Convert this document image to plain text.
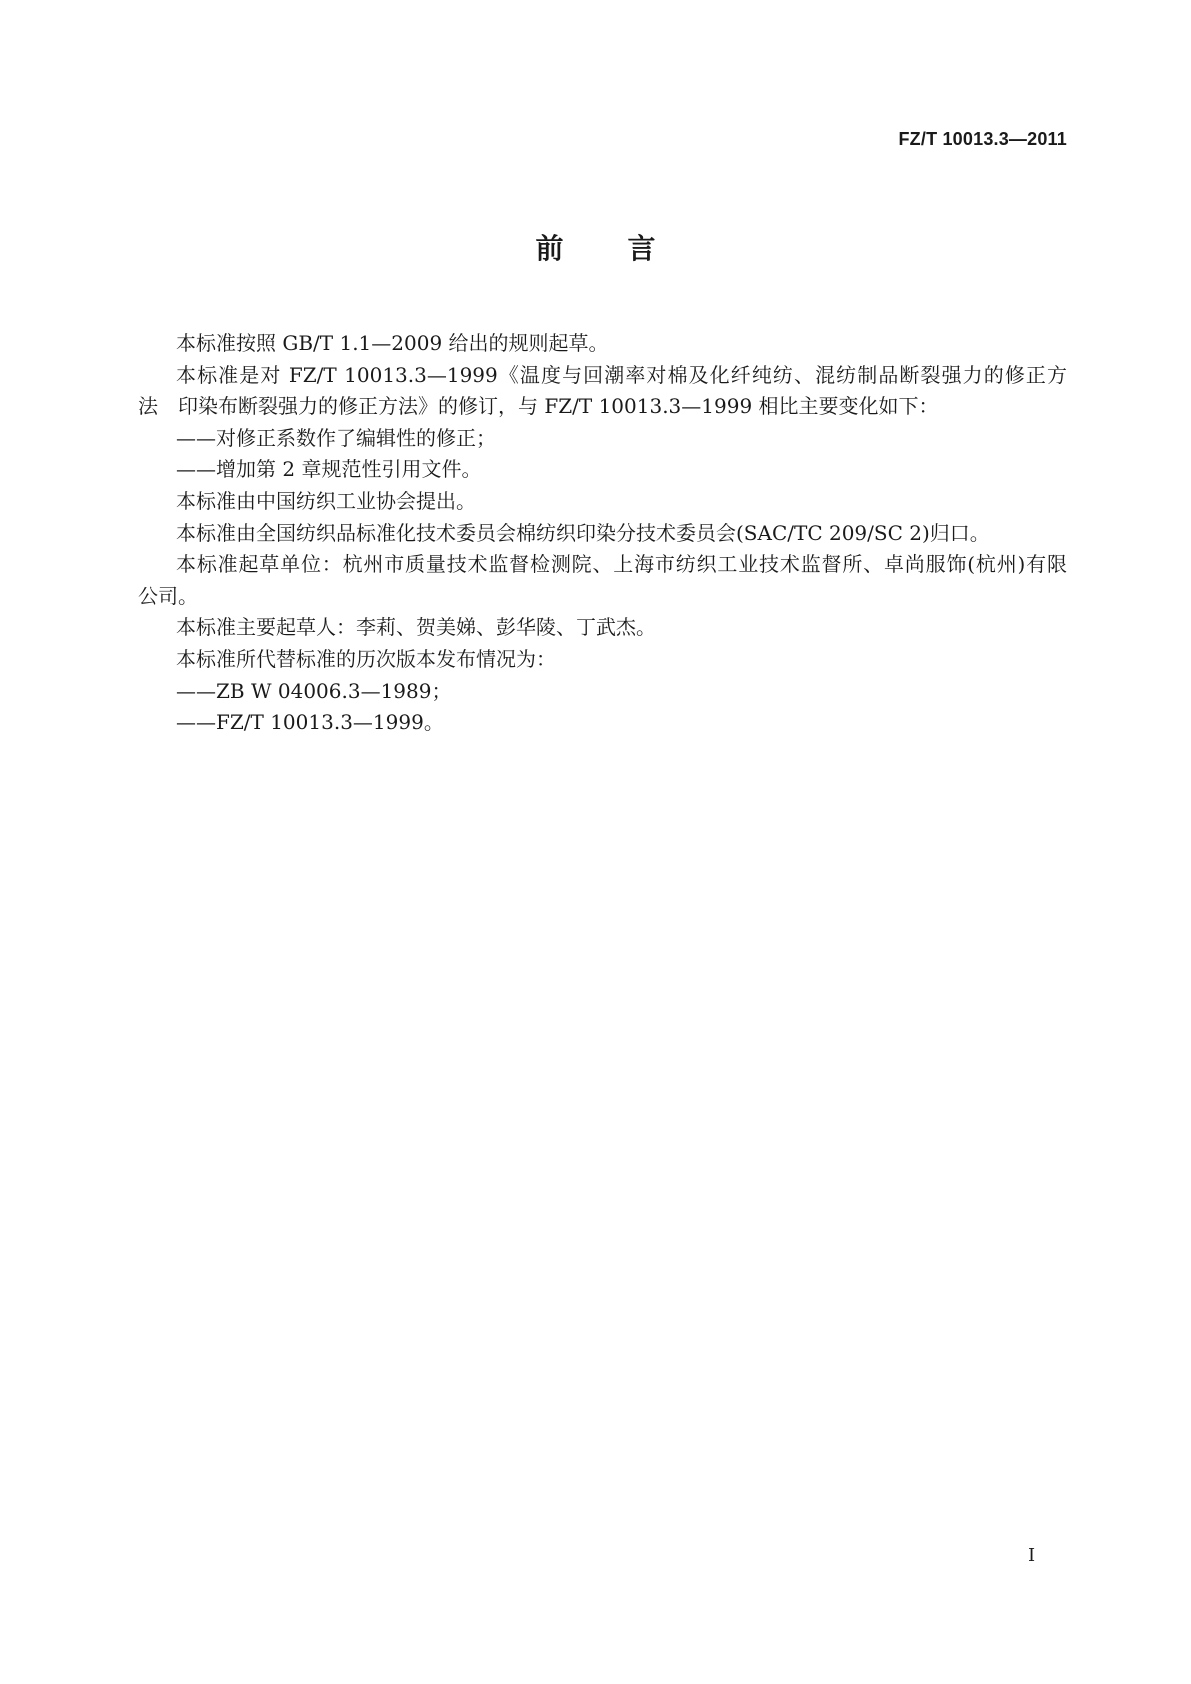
FZ/T 10013.3—2011
前　言
本标准按照 GB/T 1.1—2009 给出的规则起草。
本标准是对 FZ/T 10013.3—1999《温度与回潮率对棉及化纤纯纺、混纺制品断裂强力的修正方
法　印染布断裂强力的修正方法》的修订，与 FZ/T 10013.3—1999 相比主要变化如下：
——对修正系数作了编辑性的修正；
——增加第 2 章规范性引用文件。
本标准由中国纺织工业协会提出。
本标准由全国纺织品标准化技术委员会棉纺织印染分技术委员会(SAC/TC 209/SC 2)归口。
本标准起草单位：杭州市质量技术监督检测院、上海市纺织工业技术监督所、卓尚服饰(杭州)有限
公司。
本标准主要起草人：李莉、贺美娣、彭华陵、丁武杰。
本标准所代替标准的历次版本发布情况为：
——ZB W 04006.3—1989；
——FZ/T 10013.3—1999。
I
